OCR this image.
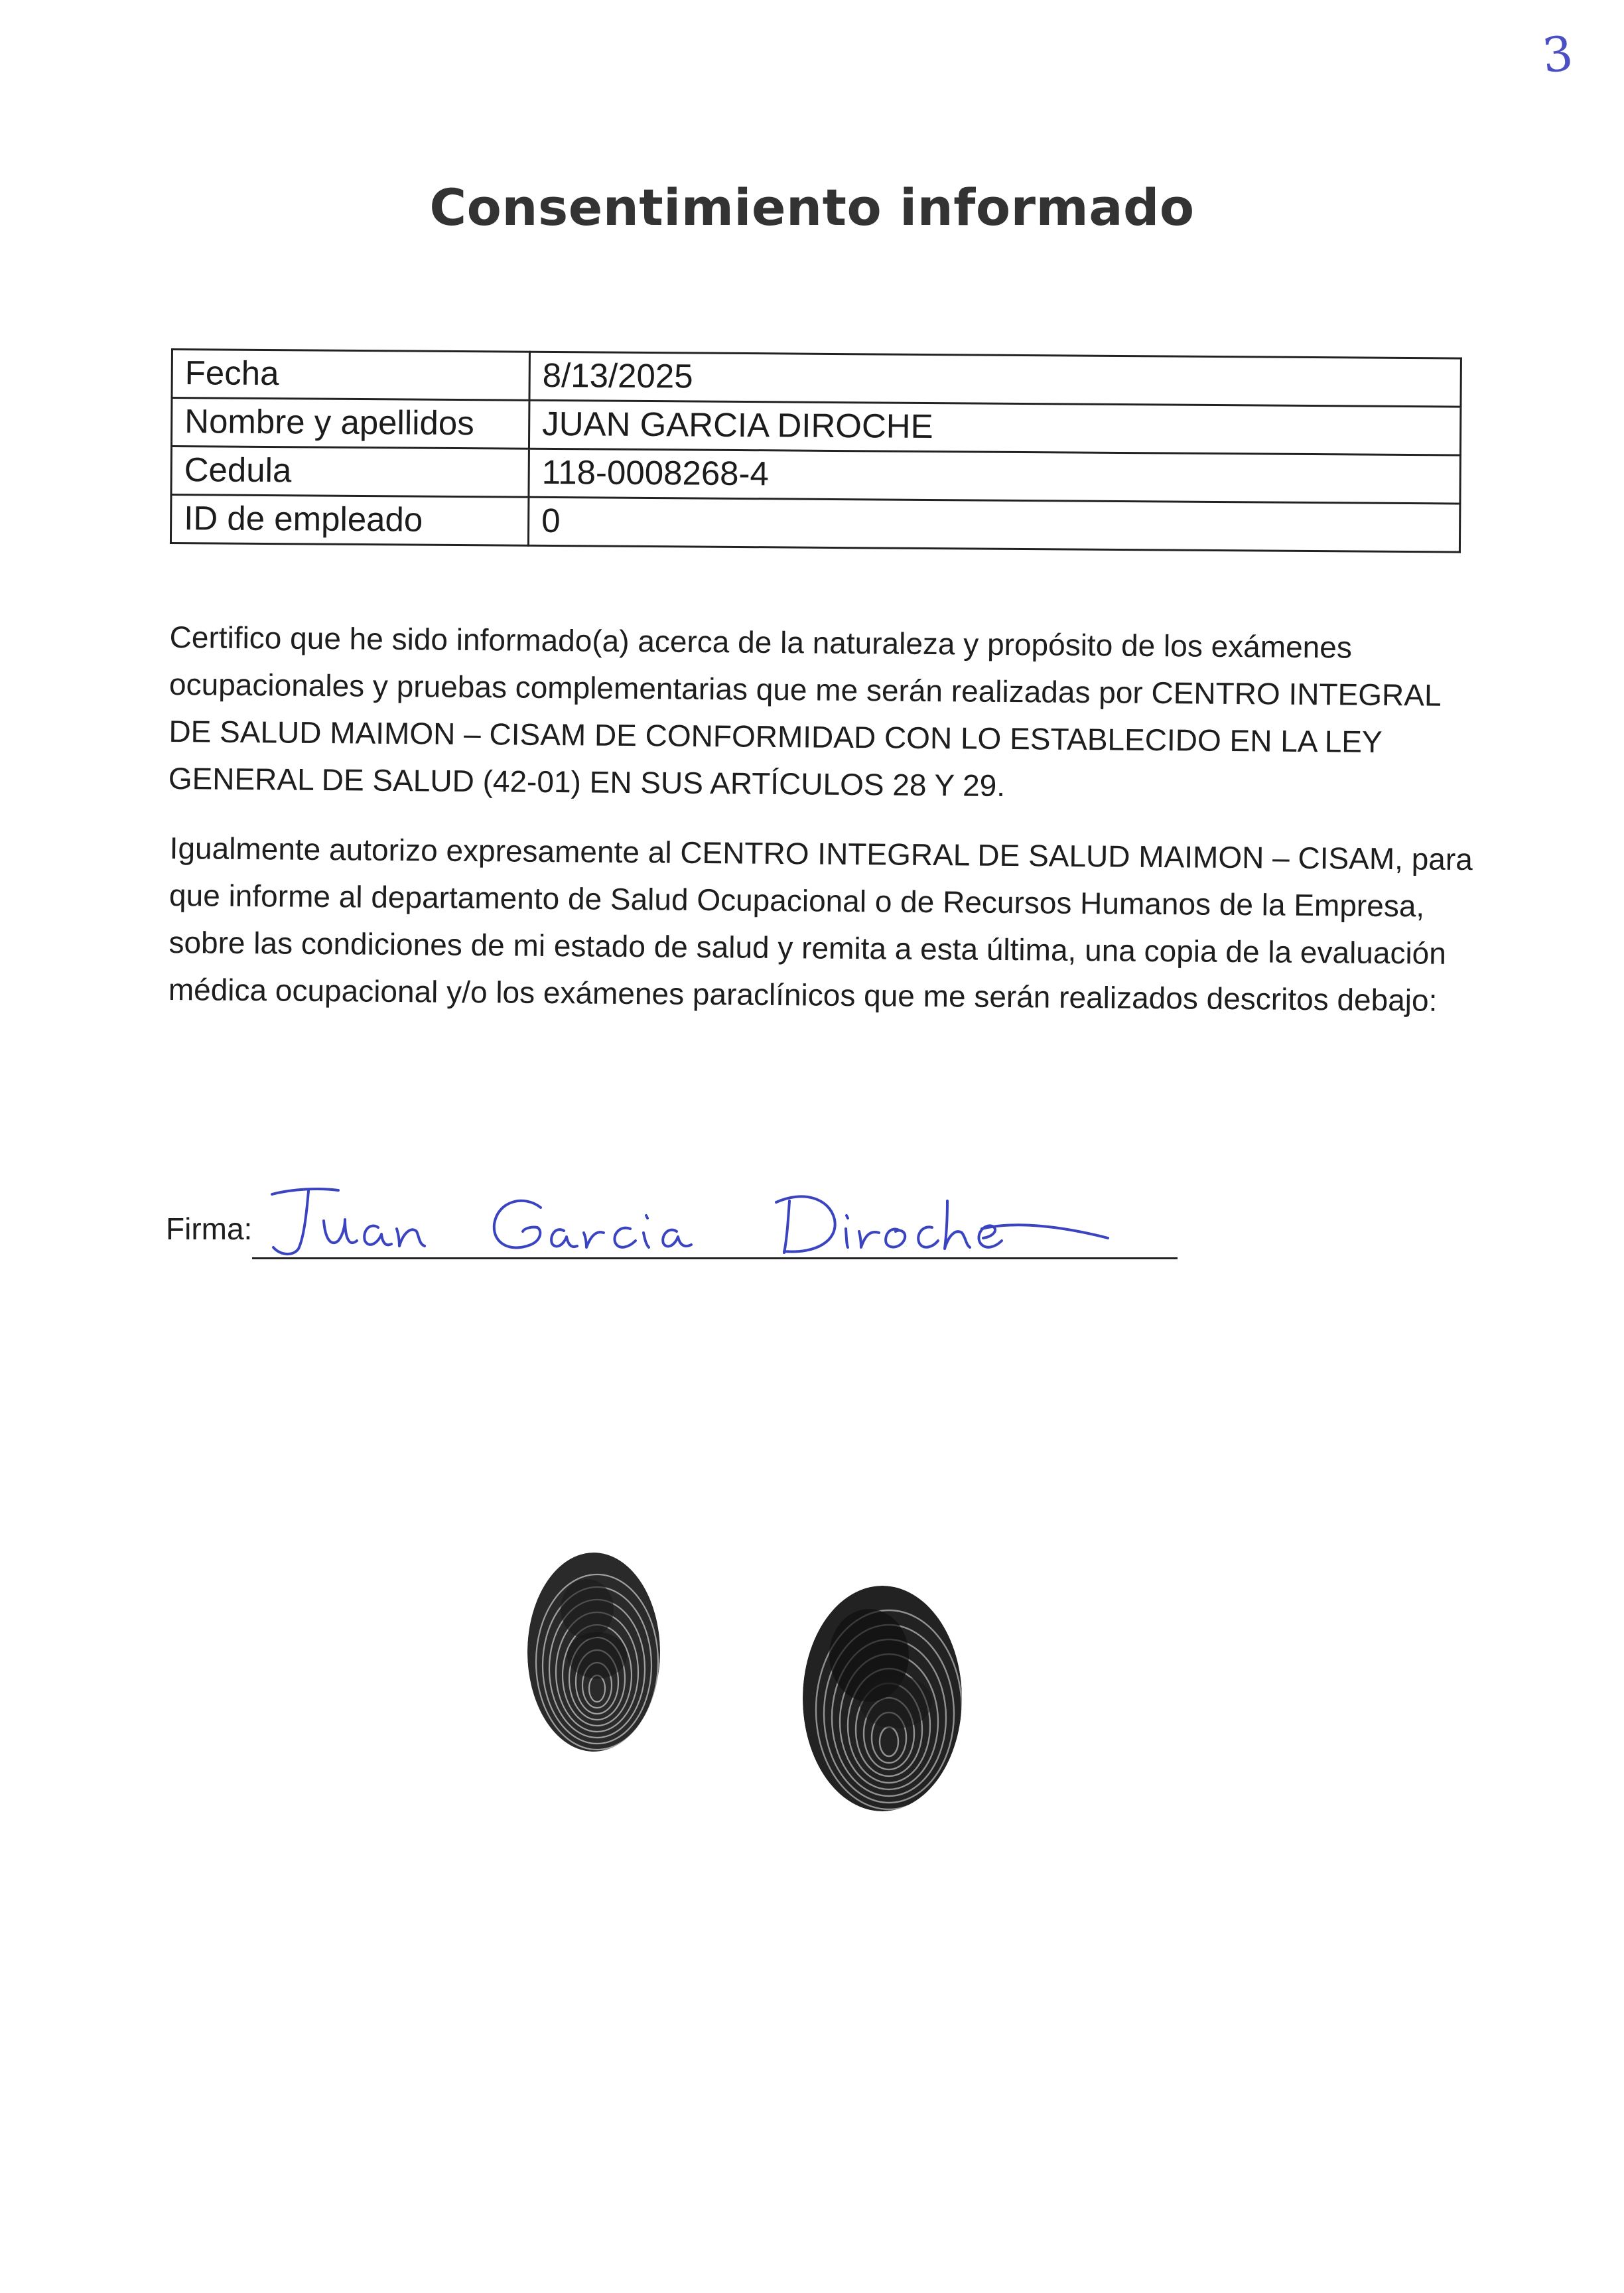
3
Consentimiento informado
Fecha	8/13/2025
Nombre y apellidos	JUAN GARCIA DIROCHE
Cedula	118-0008268-4
ID de empleado	0

Certifico que he sido informado(a) acerca de la naturaleza y propósito de los exámenes ocupacionales y pruebas complementarias que me serán realizadas por CENTRO INTEGRAL DE SALUD MAIMON – CISAM DE CONFORMIDAD CON LO ESTABLECIDO EN LA LEY GENERAL DE SALUD (42-01) EN SUS ARTÍCULOS 28 Y 29.

Igualmente autorizo expresamente al CENTRO INTEGRAL DE SALUD MAIMON – CISAM, para que informe al departamento de Salud Ocupacional o de Recursos Humanos de la Empresa, sobre las condiciones de mi estado de salud y remita a esta última, una copia de la evaluación médica ocupacional y/o los exámenes paraclínicos que me serán realizados descritos debajo:

Firma:
